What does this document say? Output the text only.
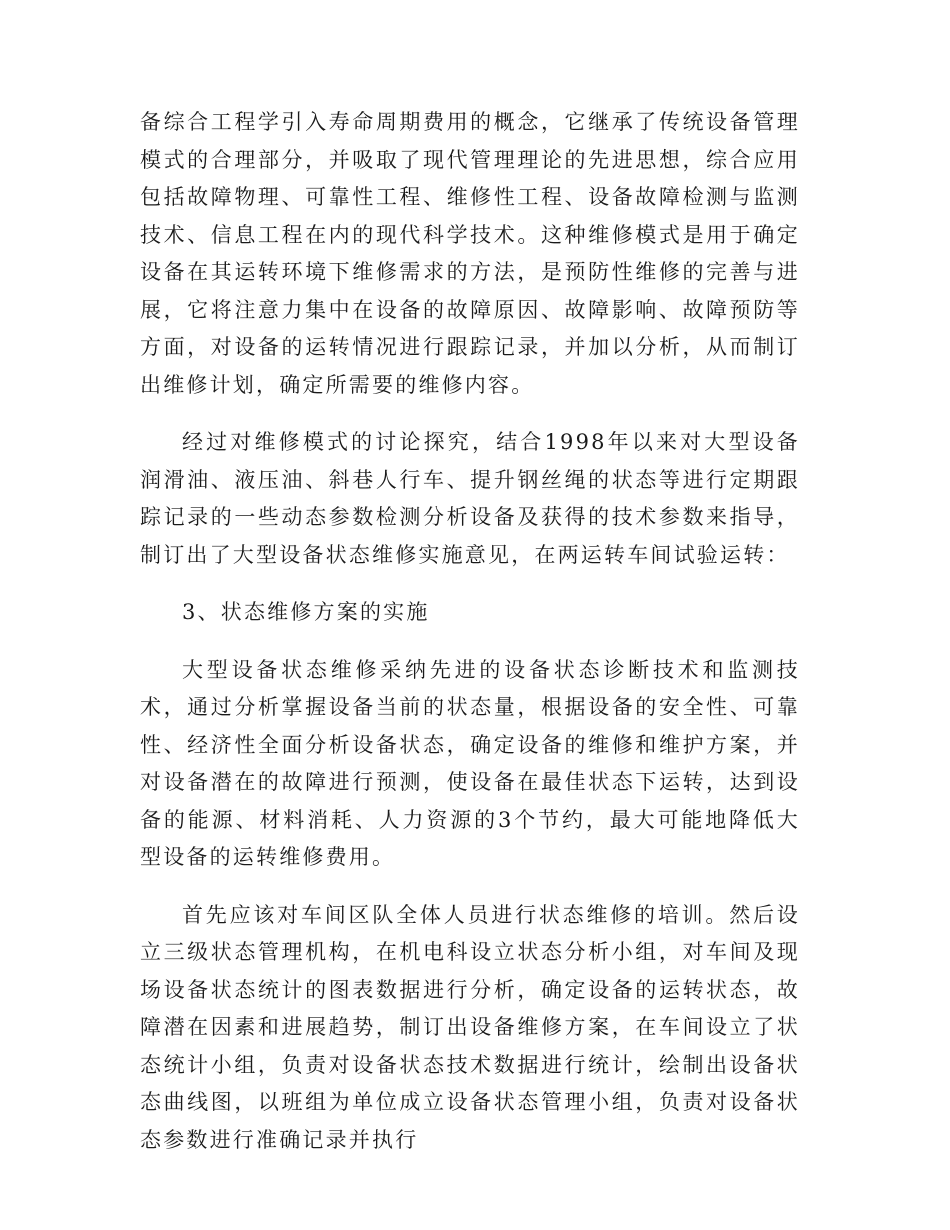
备综合工程学引入寿命周期费用的概念，它继承了传统设备管理模式的合理部分，并吸取了现代管理理论的先进思想，综合应用包括故障物理、可靠性工程、维修性工程、设备故障检测与监测技术、信息工程在内的现代科学技术。这种维修模式是用于确定设备在其运转环境下维修需求的方法，是预防性维修的完善与进展，它将注意力集中在设备的故障原因、故障影响、故障预防等方面，对设备的运转情况进行跟踪记录，并加以分析，从而制订出维修计划，确定所需要的维修内容。

经过对维修模式的讨论探究，结合1998年以来对大型设备润滑油、液压油、斜巷人行车、提升钢丝绳的状态等进行定期跟踪记录的一些动态参数检测分析设备及获得的技术参数来指导，制订出了大型设备状态维修实施意见，在两运转车间试验运转：

3、状态维修方案的实施

大型设备状态维修采纳先进的设备状态诊断技术和监测技术，通过分析掌握设备当前的状态量，根据设备的安全性、可靠性、经济性全面分析设备状态，确定设备的维修和维护方案，并对设备潜在的故障进行预测，使设备在最佳状态下运转，达到设备的能源、材料消耗、人力资源的3个节约，最大可能地降低大型设备的运转维修费用。

首先应该对车间区队全体人员进行状态维修的培训。然后设立三级状态管理机构，在机电科设立状态分析小组，对车间及现场设备状态统计的图表数据进行分析，确定设备的运转状态，故障潜在因素和进展趋势，制订出设备维修方案，在车间设立了状态统计小组，负责对设备状态技术数据进行统计，绘制出设备状态曲线图，以班组为单位成立设备状态管理小组，负责对设备状态参数进行准确记录并执行
